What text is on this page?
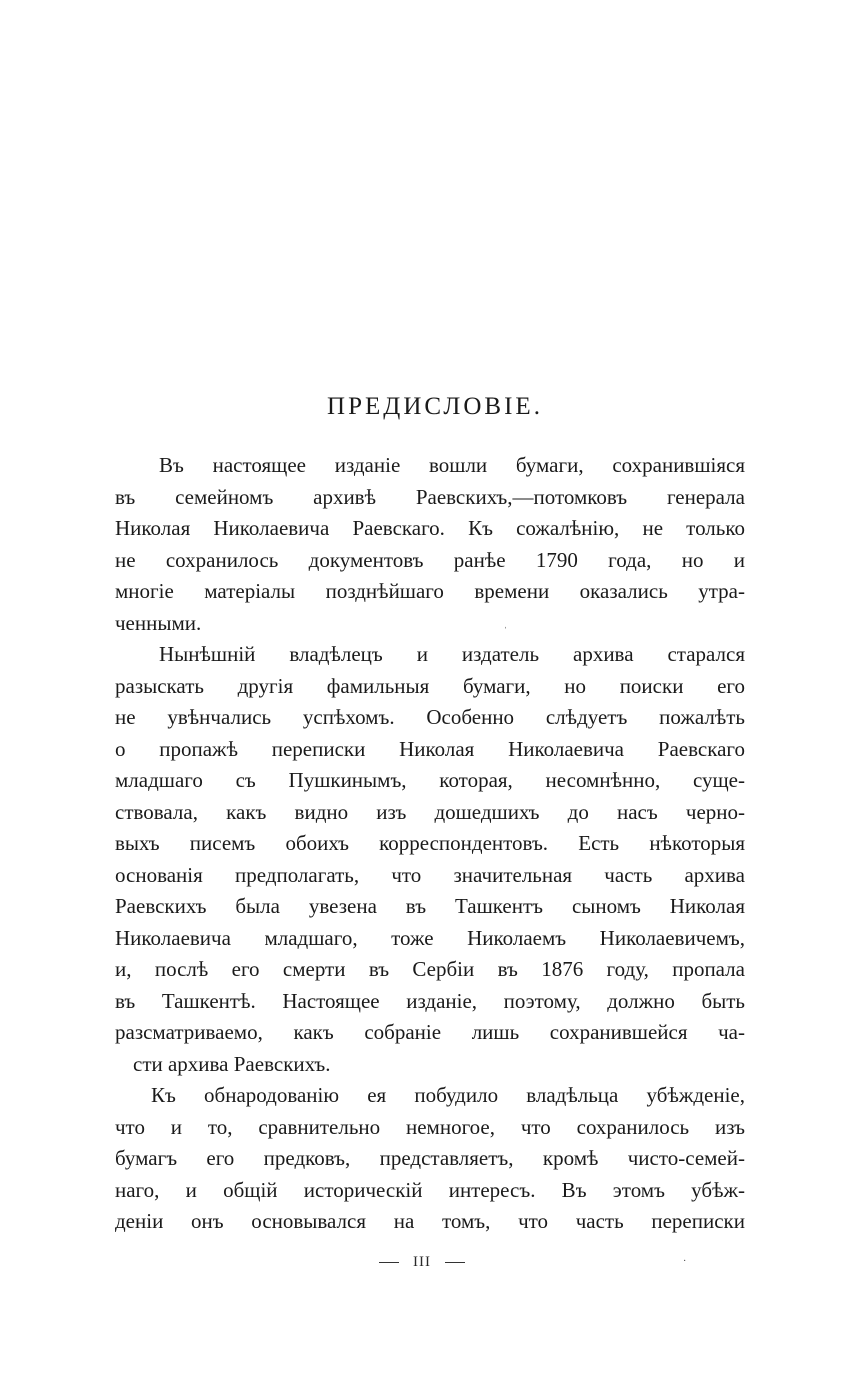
ПРЕДИСЛОВІЕ.
Въ настоящее изданіе вошли бумаги, сохранившіяся
въ семейномъ архивѣ Раевскихъ,—потомковъ генерала
Николая Николаевича Раевскаго. Къ сожалѣнію, не только
не сохранилось документовъ ранѣе 1790 года, но и
многіе матеріалы позднѣйшаго времени оказались утра-
ченными.
Нынѣшній владѣлецъ и издатель архива старался
разыскать другія фамильныя бумаги, но поиски его
не увѣнчались успѣхомъ. Особенно слѣдуетъ пожалѣть
о пропажѣ переписки Николая Николаевича Раевскаго
младшаго съ Пушкинымъ, которая, несомнѣнно, суще-
ствовала, какъ видно изъ дошедшихъ до насъ черно-
выхъ писемъ обоихъ корреспондентовъ. Есть нѣкоторыя
основанія предполагать, что значительная часть архива
Раевскихъ была увезена въ Ташкентъ сыномъ Николая
Николаевича младшаго, тоже Николаемъ Николаевичемъ,
и, послѣ его смерти въ Сербіи въ 1876 году, пропала
въ Ташкентѣ. Настоящее изданіе, поэтому, должно быть
разсматриваемо, какъ собраніе лишь сохранившейся ча-
сти архива Раевскихъ.
Къ обнародованію ея побудило владѣльца убѣжденіе,
что и то, сравнительно немногое, что сохранилось изъ
бумагъ его предковъ, представляетъ, кромѣ чисто-семей-
наго, и общій историческій интересъ. Въ этомъ убѣж-
деніи онъ основывался на томъ, что часть переписки
III
ˌ
·
